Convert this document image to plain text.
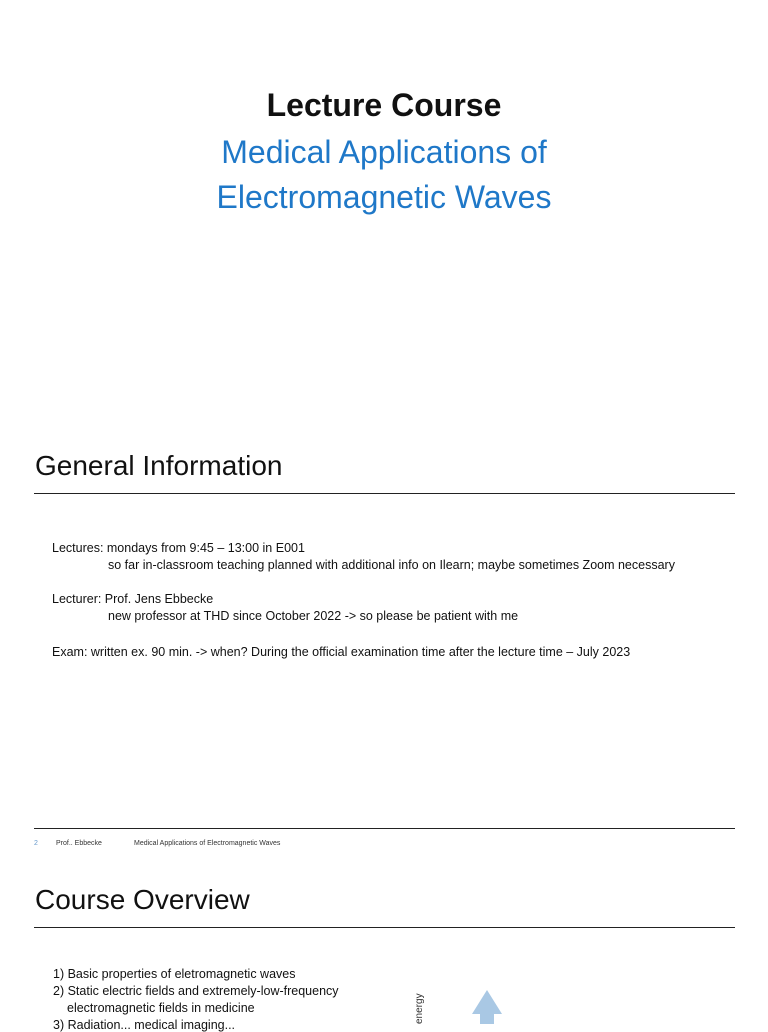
Lecture Course
Medical Applications of
Electromagnetic Waves
General Information
Lectures: mondays from 9:45 – 13:00 in E001
so far in-classroom teaching planned with additional info on Ilearn; maybe sometimes Zoom necessary
Lecturer: Prof. Jens Ebbecke
new professor at THD since October 2022 -> so please be patient with me
Exam: written ex. 90 min. -> when? During the official examination time after the lecture time – July 2023
2	Prof.. Ebbecke	Medical Applications of Electromagnetic Waves
Course Overview
1) Basic properties of eletromagnetic waves
2) Static electric fields and extremely-low-frequency
electromagnetic fields in medicine
3) Radiation... medical imaging...
energy
